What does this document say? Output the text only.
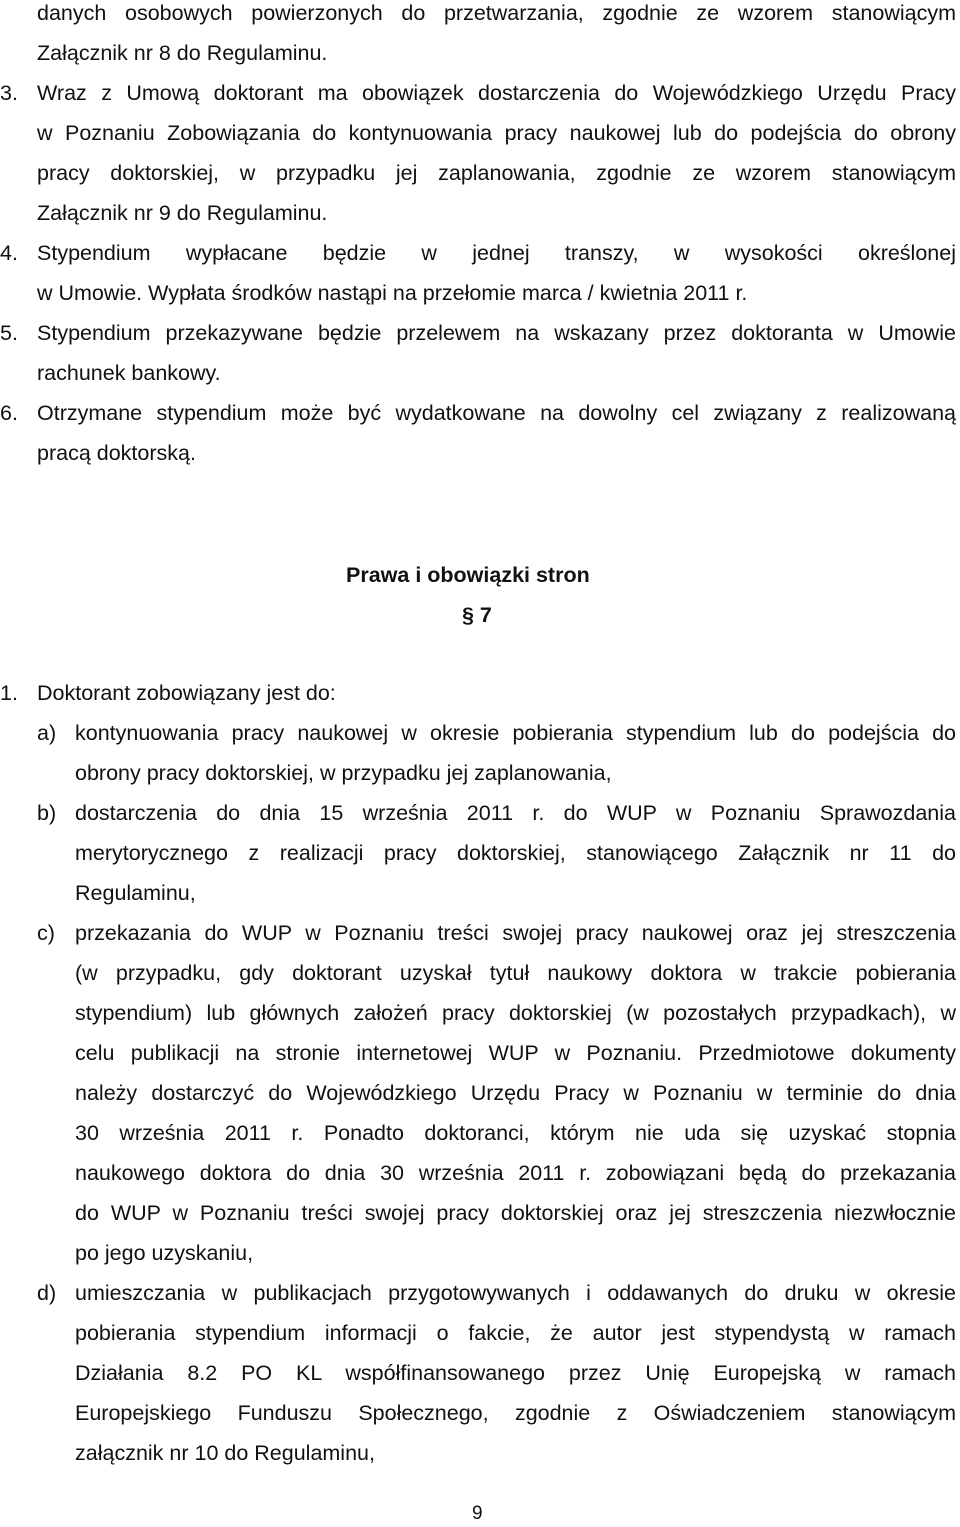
danych osobowych powierzonych do przetwarzania, zgodnie ze wzorem stanowiącym

Załącznik nr 8 do Regulaminu.

3. Wraz z Umową doktorant ma obowiązek dostarczenia do Wojewódzkiego Urzędu Pracy

w Poznaniu Zobowiązania do kontynuowania pracy naukowej lub do podejścia do obrony

pracy doktorskiej, w przypadku jej zaplanowania, zgodnie ze wzorem stanowiącym

Załącznik nr 9 do Regulaminu.

4. Stypendium wypłacane będzie w jednej transzy, w wysokości określonej

w Umowie. Wypłata środków nastąpi na przełomie marca / kwietnia 2011 r.

5. Stypendium przekazywane będzie przelewem na wskazany przez doktoranta w Umowie

rachunek bankowy.

6. Otrzymane stypendium może być wydatkowane na dowolny cel związany z realizowaną

pracą doktorską.

Prawa i obowiązki stron

§ 7

1. Doktorant zobowiązany jest do:

a) kontynuowania pracy naukowej w okresie pobierania stypendium lub do podejścia do

obrony pracy doktorskiej, w przypadku jej zaplanowania,

b) dostarczenia do dnia 15 września 2011 r. do WUP w Poznaniu Sprawozdania

merytorycznego z realizacji pracy doktorskiej, stanowiącego Załącznik nr 11 do

Regulaminu,

c) przekazania do WUP w Poznaniu treści swojej pracy naukowej oraz jej streszczenia

(w przypadku, gdy doktorant uzyskał tytuł naukowy doktora w trakcie pobierania

stypendium) lub głównych założeń pracy doktorskiej (w pozostałych przypadkach), w

celu publikacji na stronie internetowej WUP w Poznaniu. Przedmiotowe dokumenty

należy dostarczyć do Wojewódzkiego Urzędu Pracy w Poznaniu w terminie do dnia

30 września 2011 r. Ponadto doktoranci, którym nie uda się uzyskać stopnia

naukowego doktora do dnia 30 września 2011 r. zobowiązani będą do przekazania

do WUP w Poznaniu treści swojej pracy doktorskiej oraz jej streszczenia niezwłocznie

po jego uzyskaniu,

d) umieszczania w publikacjach przygotowywanych i oddawanych do druku w okresie

pobierania stypendium informacji o fakcie, że autor jest stypendystą w ramach

Działania 8.2 PO KL współfinansowanego przez Unię Europejską w ramach

Europejskiego Funduszu Społecznego, zgodnie z Oświadczeniem stanowiącym

załącznik nr 10 do Regulaminu,

9
